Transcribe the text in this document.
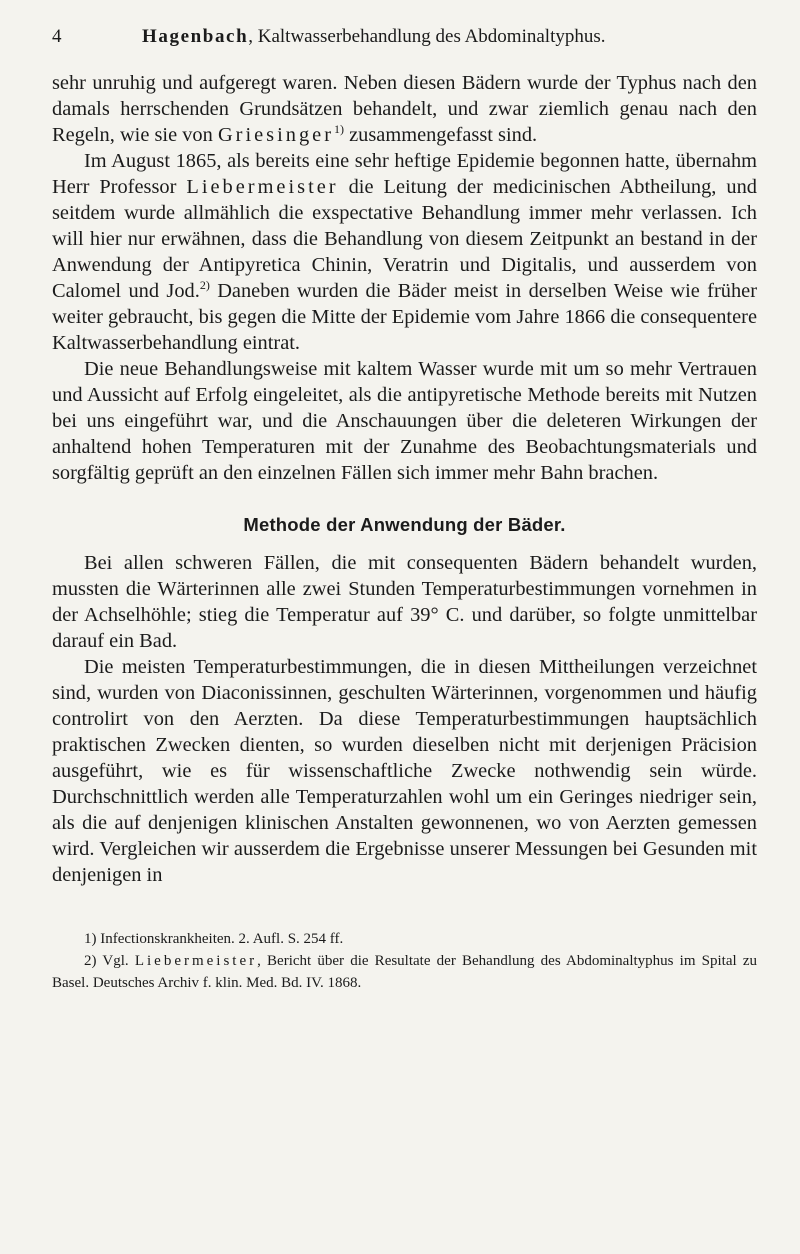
4	Hagenbach, Kaltwasserbehandlung des Abdominaltyphus.

sehr unruhig und aufgeregt waren. Neben diesen Bädern wurde der Typhus nach den damals herrschenden Grundsätzen behandelt, und zwar ziemlich genau nach den Regeln, wie sie von Griesinger$^{1)}$ zusammengefasst sind.

Im August 1865, als bereits eine sehr heftige Epidemie begonnen hatte, übernahm Herr Professor Liebermeister die Leitung der medicinischen Abtheilung, und seitdem wurde allmählich die exspectative Behandlung immer mehr verlassen. Ich will hier nur erwähnen, dass die Behandlung von diesem Zeitpunkt an bestand in der Anwendung der Antipyretica Chinin, Veratrin und Digitalis, und ausserdem von Calomel und Jod.$^{2)}$ Daneben wurden die Bäder meist in derselben Weise wie früher weiter gebraucht, bis gegen die Mitte der Epidemie vom Jahre 1866 die consequentere Kaltwasserbehandlung eintrat.

Die neue Behandlungsweise mit kaltem Wasser wurde mit um so mehr Vertrauen und Aussicht auf Erfolg eingeleitet, als die antipyretische Methode bereits mit Nutzen bei uns eingeführt war, und die Anschauungen über die deleteren Wirkungen der anhaltend hohen Temperaturen mit der Zunahme des Beobachtungsmaterials und sorgfältig geprüft an den einzelnen Fällen sich immer mehr Bahn brachen.

Methode der Anwendung der Bäder.

Bei allen schweren Fällen, die mit consequenten Bädern behandelt wurden, mussten die Wärterinnen alle zwei Stunden Temperaturbestimmungen vornehmen in der Achselhöhle; stieg die Temperatur auf 39° C. und darüber, so folgte unmittelbar darauf ein Bad.

Die meisten Temperaturbestimmungen, die in diesen Mittheilungen verzeichnet sind, wurden von Diaconissinnen, geschulten Wärterinnen, vorgenommen und häufig controlirt von den Aerzten. Da diese Temperaturbestimmungen hauptsächlich praktischen Zwecken dienten, so wurden dieselben nicht mit derjenigen Präcision ausgeführt, wie es für wissenschaftliche Zwecke nothwendig sein würde. Durchschnittlich werden alle Temperaturzahlen wohl um ein Geringes niedriger sein, als die auf denjenigen klinischen Anstalten gewonnenen, wo von Aerzten gemessen wird. Vergleichen wir ausserdem die Ergebnisse unserer Messungen bei Gesunden mit denjenigen in

1) Infectionskrankheiten. 2. Aufl. S. 254 ff.

2) Vgl. Liebermeister, Bericht über die Resultate der Behandlung des Abdominaltyphus im Spital zu Basel. Deutsches Archiv f. klin. Med. Bd. IV. 1868.
